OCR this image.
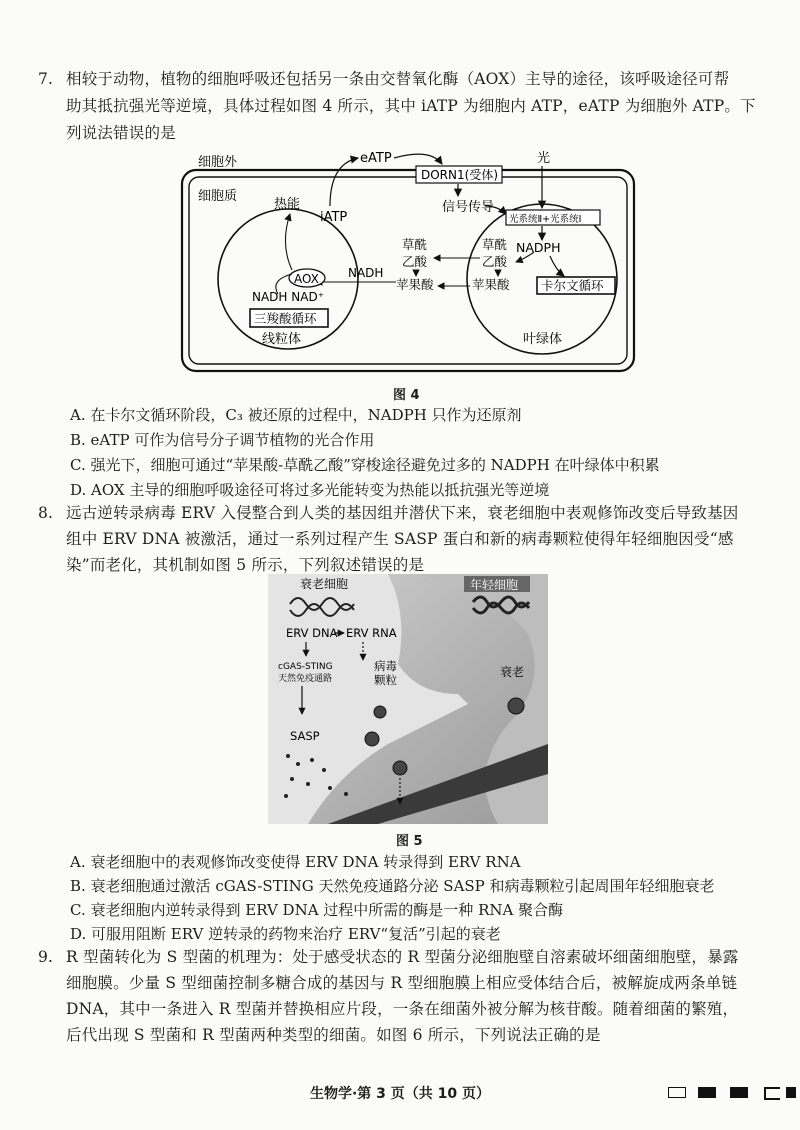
7. 相较于动物，植物的细胞呼吸还包括另一条由交替氧化酶（AOX）主导的途径，该呼吸途径可帮
助其抵抗强光等逆境，具体过程如图 4 所示，其中 iATP 为细胞内 ATP，eATP 为细胞外 ATP。下
列说法错误的是
细胞外
细胞质
eATP	光
DORN1(受体)
热能
iATP
信号传导
光系统Ⅱ+光系统Ⅰ
NADPH
卡尔文循环
草酰
乙酸
苹果酸
草酰
乙酸
苹果酸
NADH
AOX
NADH NAD⁺
三羧酸循环
线粒体	叶绿体
图 4
A. 在卡尔文循环阶段，C₃ 被还原的过程中，NADPH 只作为还原剂
B. eATP 可作为信号分子调节植物的光合作用
C. 强光下，细胞可通过“苹果酸-草酰乙酸”穿梭途径避免过多的 NADPH 在叶绿体中积累
D. AOX 主导的细胞呼吸途径可将过多光能转变为热能以抵抗强光等逆境
8. 远古逆转录病毒 ERV 入侵整合到人类的基因组并潜伏下来，衰老细胞中表观修饰改变后导致基因
组中 ERV DNA 被激活，通过一系列过程产生 SASP 蛋白和新的病毒颗粒使得年轻细胞因受“感
染”而老化，其机制如图 5 所示，下列叙述错误的是
衰老细胞	年轻细胞
ERV DNA ERV RNA
cGAS-STING
天然免疫通路
病毒
颗粒
SASP
衰老
图 5
A. 衰老细胞中的表观修饰改变使得 ERV DNA 转录得到 ERV RNA
B. 衰老细胞通过激活 cGAS-STING 天然免疫通路分泌 SASP 和病毒颗粒引起周围年轻细胞衰老
C. 衰老细胞内逆转录得到 ERV DNA 过程中所需的酶是一种 RNA 聚合酶
D. 可服用阻断 ERV 逆转录的药物来治疗 ERV“复活”引起的衰老
9. R 型菌转化为 S 型菌的机理为：处于感受状态的 R 型菌分泌细胞壁自溶素破坏细菌细胞壁，暴露
细胞膜。少量 S 型细菌控制多糖合成的基因与 R 型细胞膜上相应受体结合后，被解旋成两条单链
DNA，其中一条进入 R 型菌并替换相应片段，一条在细菌外被分解为核苷酸。随着细菌的繁殖，
后代出现 S 型菌和 R 型菌两种类型的细菌。如图 6 所示，下列说法正确的是
生物学·第 3 页（共 10 页）
